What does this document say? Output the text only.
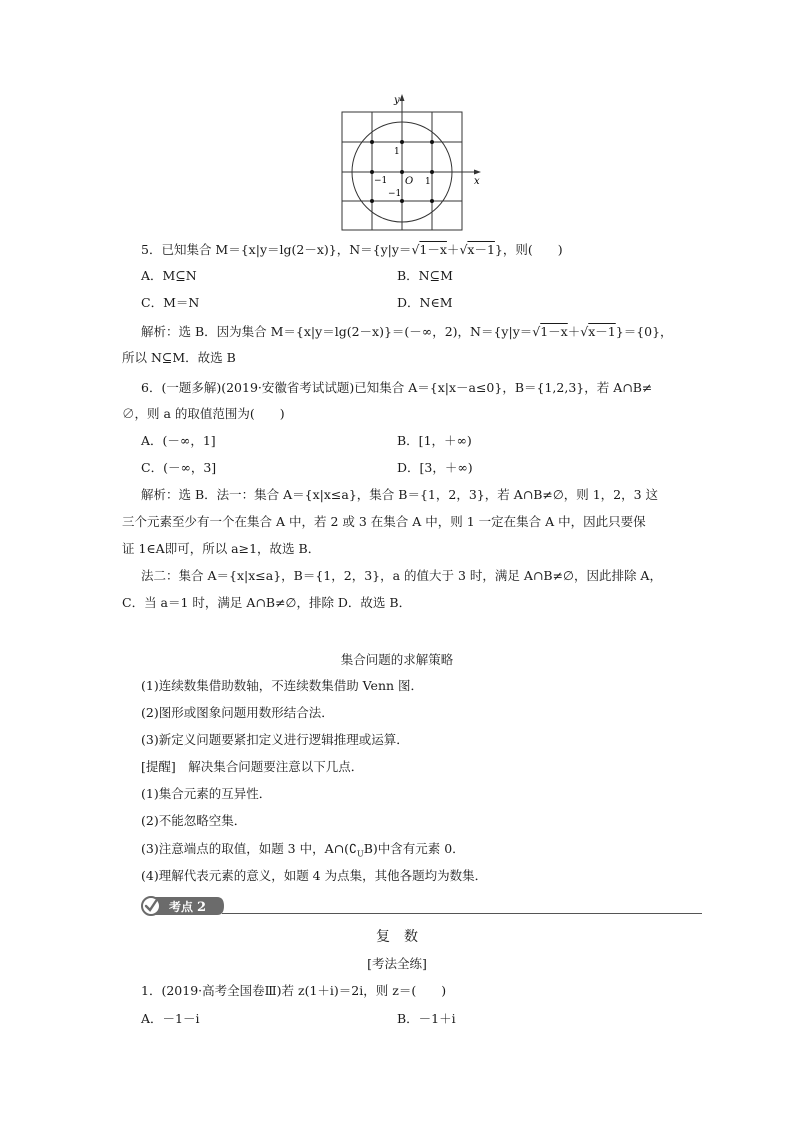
y
x
O
1
−1	1
−1
5．已知集合 M＝{x|y＝lg(2－x)}，N＝{y|y＝√1－x＋√x－1}，则(　　)
A．M⊆N	B．N⊆M
C．M＝N	D．N∈M
解析：选 B．因为集合 M＝{x|y＝lg(2－x)}＝(－∞，2)，N＝{y|y＝√1－x＋√x－1}＝{0}，
所以 N⊆M．故选 B
6．(一题多解)(2019·安徽省考试试题)已知集合 A＝{x|x－a≤0}，B＝{1,2,3}，若 A∩B≠
∅，则 a 的取值范围为(　　)
A．(－∞，1]	B．[1，＋∞)
C．(－∞，3]	D．[3，＋∞)
解析：选 B．法一：集合 A＝{x|x≤a}，集合 B＝{1，2，3}，若 A∩B≠∅，则 1，2，3 这
三个元素至少有一个在集合 A 中，若 2 或 3 在集合 A 中，则 1 一定在集合 A 中，因此只要保
证 1∈A即可，所以 a≥1，故选 B．
法二：集合 A＝{x|x≤a}，B＝{1，2，3}，a 的值大于 3 时，满足 A∩B≠∅，因此排除 A，
C．当 a＝1 时，满足 A∩B≠∅，排除 D．故选 B．
集合问题的求解策略
(1)连续数集借助数轴，不连续数集借助 Venn 图．
(2)图形或图象问题用数形结合法．
(3)新定义问题要紧扣定义进行逻辑推理或运算．
[提醒]　解决集合问题要注意以下几点．
(1)集合元素的互异性．
(2)不能忽略空集．
(3)注意端点的取值，如题 3 中，$A\cap(∁_UB)$中含有元素 0．
(4)理解代表元素的意义，如题 4 为点集，其他各题均为数集．
考点 2
复　数
[考法全练]
1．(2019·高考全国卷Ⅲ)若 z(1＋i)＝2i，则 z＝(　　)
A．－1－i	B．－1＋i
